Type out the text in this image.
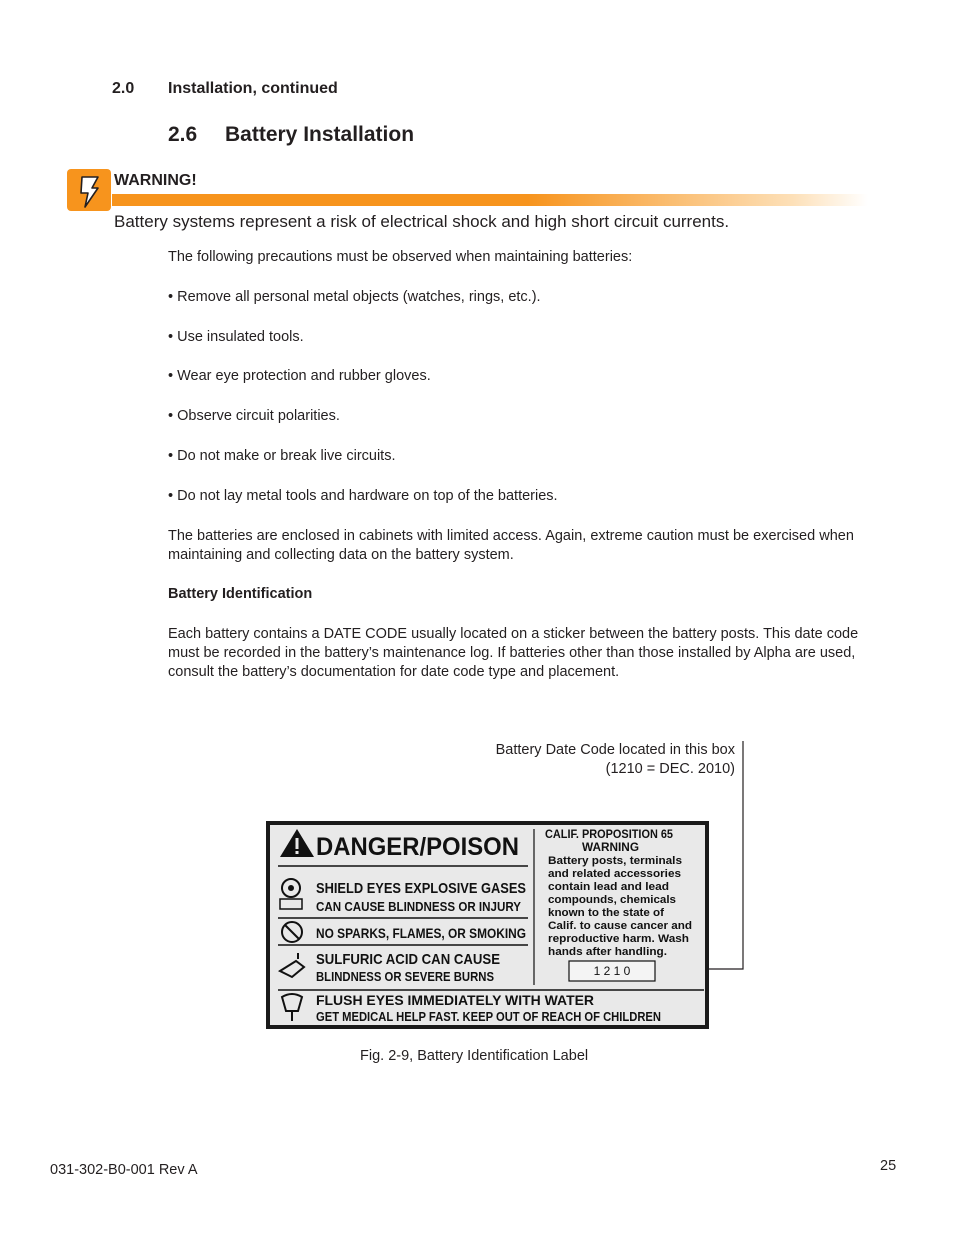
2.0 Installation, continued
2.6 Battery Installation
WARNING!
Battery systems represent a risk of electrical shock and high short circuit currents.
The following precautions must be observed when maintaining batteries:
• Remove all personal metal objects (watches, rings, etc.).
• Use insulated tools.
• Wear eye protection and rubber gloves.
• Observe circuit polarities.
• Do not make or break live circuits.
• Do not lay metal tools and hardware on top of the batteries.
The batteries are enclosed in cabinets with limited access. Again, extreme caution must be exercised when maintaining and collecting data on the battery system.
Battery Identification
Each battery contains a DATE CODE usually located on a sticker between the battery posts. This date code must be recorded in the battery’s maintenance log. If batteries other than those installed by Alpha are used, consult the battery’s documentation for date code type and placement.
Battery Date Code located in this box
(1210 = DEC. 2010)
DANGER/POISON
SHIELD EYES EXPLOSIVE GASES
CAN CAUSE BLINDNESS OR INJURY
NO SPARKS, FLAMES, OR SMOKING
SULFURIC ACID CAN CAUSE
BLINDNESS OR SEVERE BURNS
FLUSH EYES IMMEDIATELY WITH WATER
GET MEDICAL HELP FAST. KEEP OUT OF REACH OF CHILDREN
CALIF. PROPOSITION 65
WARNING
Battery posts, terminals
and related accessories
contain lead and lead
compounds, chemicals
known to the state of
Calif. to cause cancer and
reproductive harm. Wash
hands after handling.
1 2 1 0
Fig. 2-9, Battery Identification Label
031-302-B0-001 Rev A	25
